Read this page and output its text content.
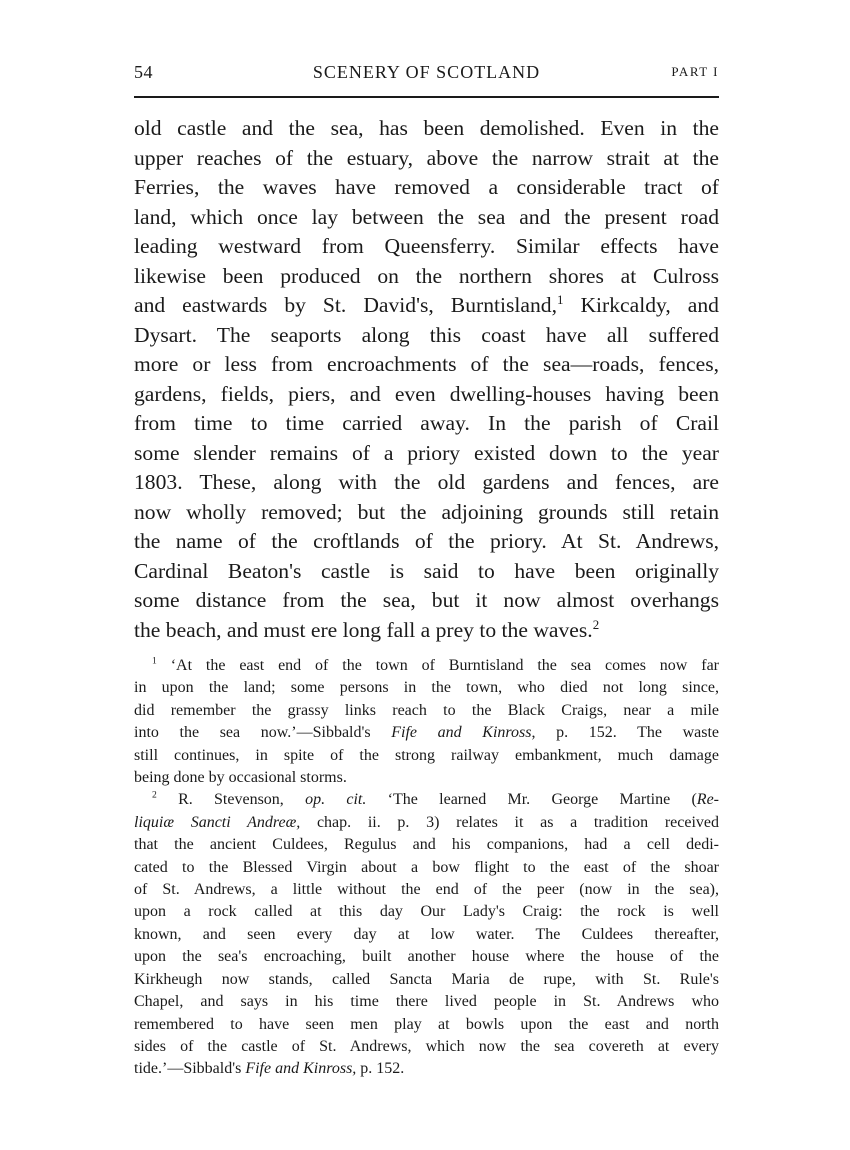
54	SCENERY OF SCOTLAND	PART I
old castle and the sea, has been demolished. Even in the
upper reaches of the estuary, above the narrow strait at the
Ferries, the waves have removed a considerable tract of
land, which once lay between the sea and the present road
leading westward from Queensferry. Similar effects have
likewise been produced on the northern shores at Culross
and eastwards by St. David's, Burntisland,$^1$ Kirkcaldy, and
Dysart. The seaports along this coast have all suffered
more or less from encroachments of the sea—roads, fences,
gardens, fields, piers, and even dwelling-houses having been
from time to time carried away. In the parish of Crail
some slender remains of a priory existed down to the year
1803. These, along with the old gardens and fences, are
now wholly removed; but the adjoining grounds still retain
the name of the croftlands of the priory. At St. Andrews,
Cardinal Beaton's castle is said to have been originally
some distance from the sea, but it now almost overhangs
the beach, and must ere long fall a prey to the waves.$^2$
$^1$ ‘At the east end of the town of Burntisland the sea comes now far
in upon the land; some persons in the town, who died not long since,
did remember the grassy links reach to the Black Craigs, near a mile
into the sea now.’—Sibbald's Fife and Kinross, p. 152. The waste
still continues, in spite of the strong railway embankment, much damage
being done by occasional storms.
$^2$ R. Stevenson, op. cit. ‘The learned Mr. George Martine (Re-
liquiæ Sancti Andreæ, chap. ii. p. 3) relates it as a tradition received
that the ancient Culdees, Regulus and his companions, had a cell dedi-
cated to the Blessed Virgin about a bow flight to the east of the shoar
of St. Andrews, a little without the end of the peer (now in the sea),
upon a rock called at this day Our Lady's Craig: the rock is well
known, and seen every day at low water. The Culdees thereafter,
upon the sea's encroaching, built another house where the house of the
Kirkheugh now stands, called Sancta Maria de rupe, with St. Rule's
Chapel, and says in his time there lived people in St. Andrews who
remembered to have seen men play at bowls upon the east and north
sides of the castle of St. Andrews, which now the sea covereth at every
tide.’—Sibbald's Fife and Kinross, p. 152.
